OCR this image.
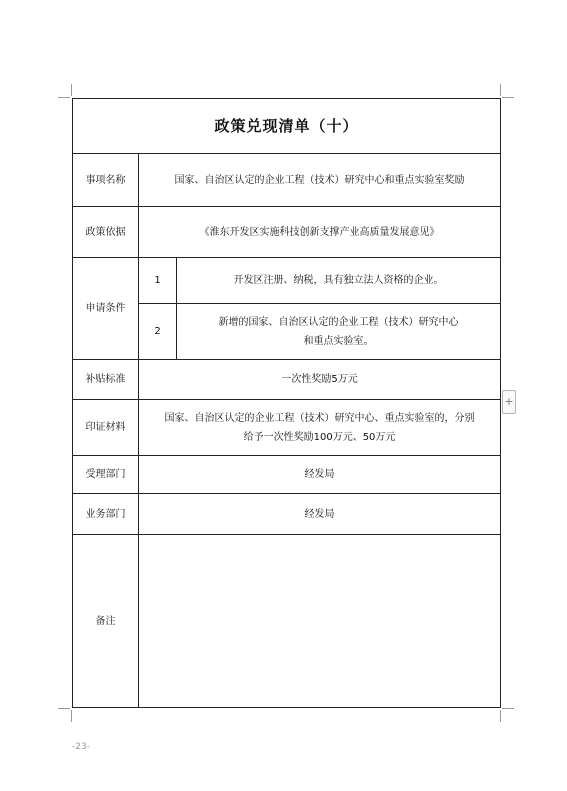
政策兑现清单（十）		
事项名称	国家、自治区认定的企业工程（技术）研究中心和重点实验室奖励	
政策依据	《淮东开发区实施科技创新支撑产业高质量发展意见》	
申请条件	1	开发区注册、纳税，具有独立法人资格的企业。
	2	新增的国家、自治区认定的企业工程（技术）研究中心
和重点实验室。

补贴标准	一次性奖励5万元	
印证材料	国家、自治区认定的企业工程（技术）研究中心、重点实验室的，分别
给予一次性奖励100万元、50万元	

受理部门	经发局	
业务部门	经发局	
备注		
+
-23-
